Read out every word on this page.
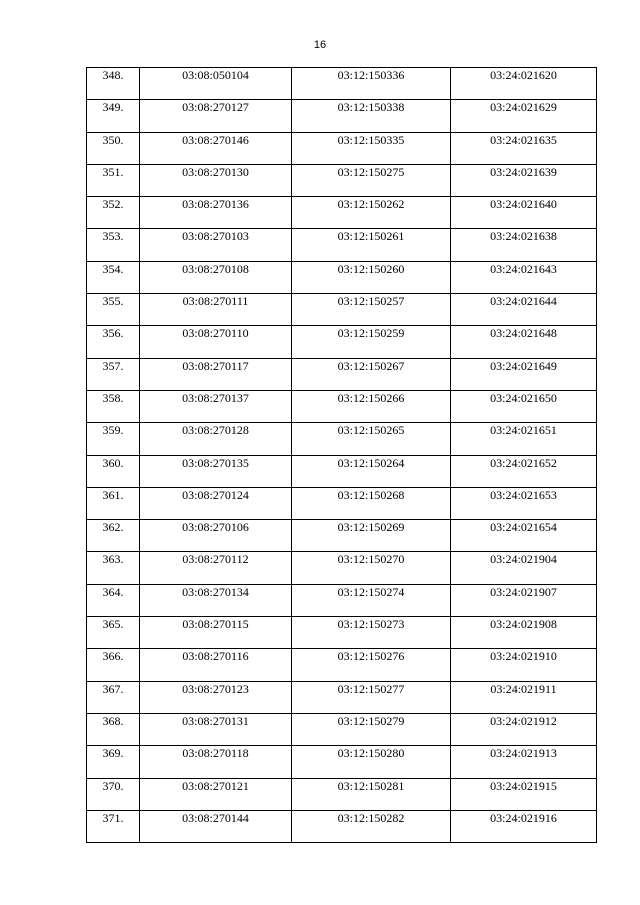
16
348.	03:08:050104	03:12:150336	03:24:021620
349.	03:08:270127	03:12:150338	03:24:021629
350.	03:08:270146	03:12:150335	03:24:021635
351.	03:08:270130	03:12:150275	03:24:021639
352.	03:08:270136	03:12:150262	03:24:021640
353.	03:08:270103	03:12:150261	03:24:021638
354.	03:08:270108	03:12:150260	03:24:021643
355.	03:08:270111	03:12:150257	03:24:021644
356.	03:08:270110	03:12:150259	03:24:021648
357.	03:08:270117	03:12:150267	03:24:021649
358.	03:08:270137	03:12:150266	03:24:021650
359.	03:08:270128	03:12:150265	03:24:021651
360.	03:08:270135	03:12:150264	03:24:021652
361.	03:08:270124	03:12:150268	03:24:021653
362.	03:08:270106	03:12:150269	03:24:021654
363.	03:08:270112	03:12:150270	03:24:021904
364.	03:08:270134	03:12:150274	03:24:021907
365.	03:08:270115	03:12:150273	03:24:021908
366.	03:08:270116	03:12:150276	03:24:021910
367.	03:08:270123	03:12:150277	03:24:021911
368.	03:08:270131	03:12:150279	03:24:021912
369.	03:08:270118	03:12:150280	03:24:021913
370.	03:08:270121	03:12:150281	03:24:021915
371.	03:08:270144	03:12:150282	03:24:021916
